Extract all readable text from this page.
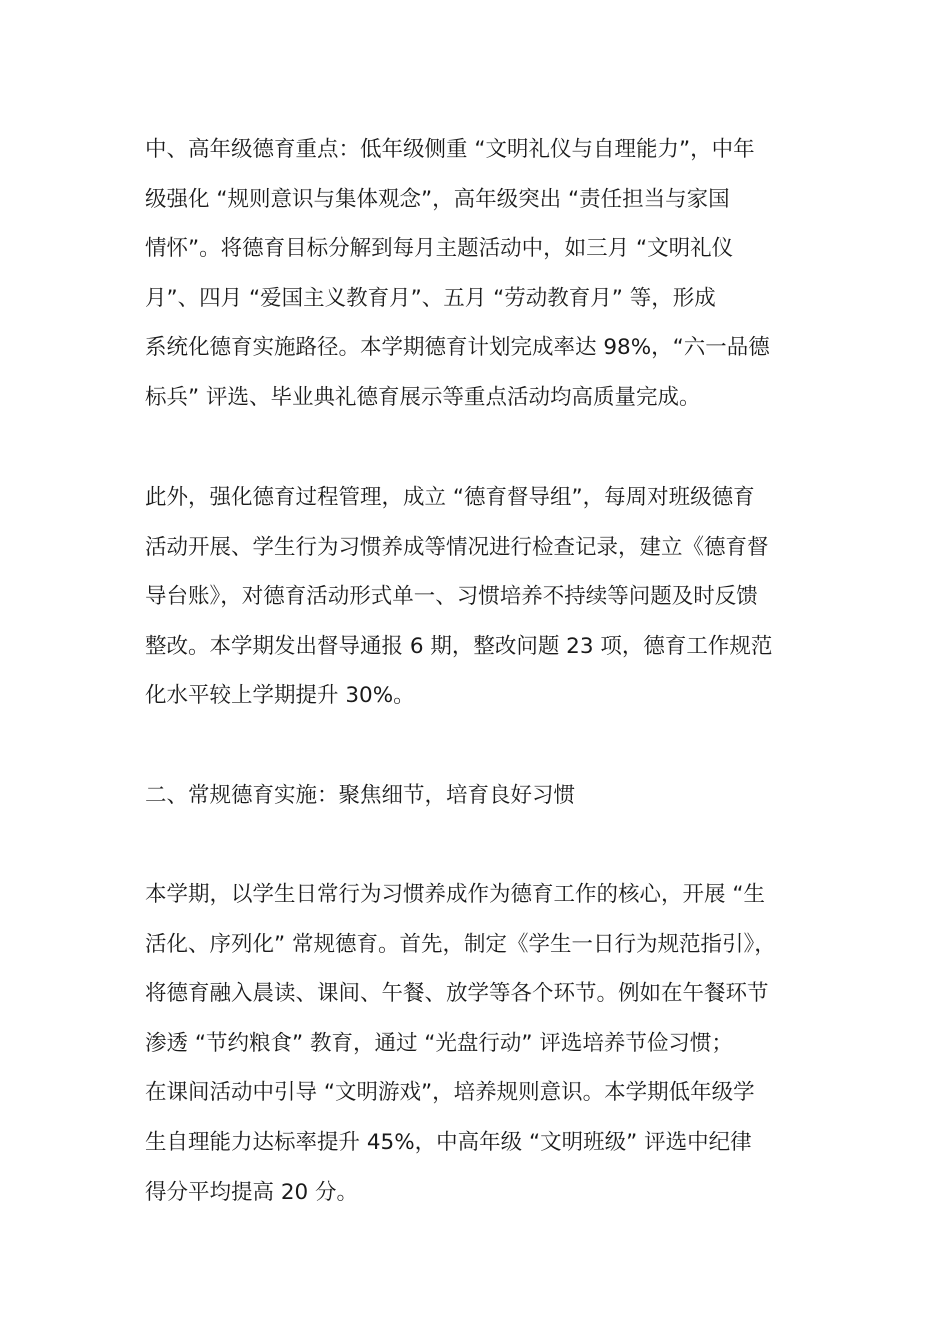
中、高年级德育重点：低年级侧重 “文明礼仪与自理能力”，中年
级强化 “规则意识与集体观念”，高年级突出 “责任担当与家国
情怀”。将德育目标分解到每月主题活动中，如三月 “文明礼仪
月”、四月 “爱国主义教育月”、五月 “劳动教育月” 等，形成
系统化德育实施路径。本学期德育计划完成率达 98%，“六一品德
标兵” 评选、毕业典礼德育展示等重点活动均高质量完成。
此外，强化德育过程管理，成立 “德育督导组”，每周对班级德育
活动开展、学生行为习惯养成等情况进行检查记录，建立《德育督
导台账》，对德育活动形式单一、习惯培养不持续等问题及时反馈
整改。本学期发出督导通报 6 期，整改问题 23 项，德育工作规范
化水平较上学期提升 30%。
二、常规德育实施：聚焦细节，培育良好习惯
本学期，以学生日常行为习惯养成作为德育工作的核心，开展 “生
活化、序列化” 常规德育。首先，制定《学生一日行为规范指引》，
将德育融入晨读、课间、午餐、放学等各个环节。例如在午餐环节
渗透 “节约粮食” 教育，通过 “光盘行动” 评选培养节俭习惯；
在课间活动中引导 “文明游戏”，培养规则意识。本学期低年级学
生自理能力达标率提升 45%，中高年级 “文明班级” 评选中纪律
得分平均提高 20 分。
